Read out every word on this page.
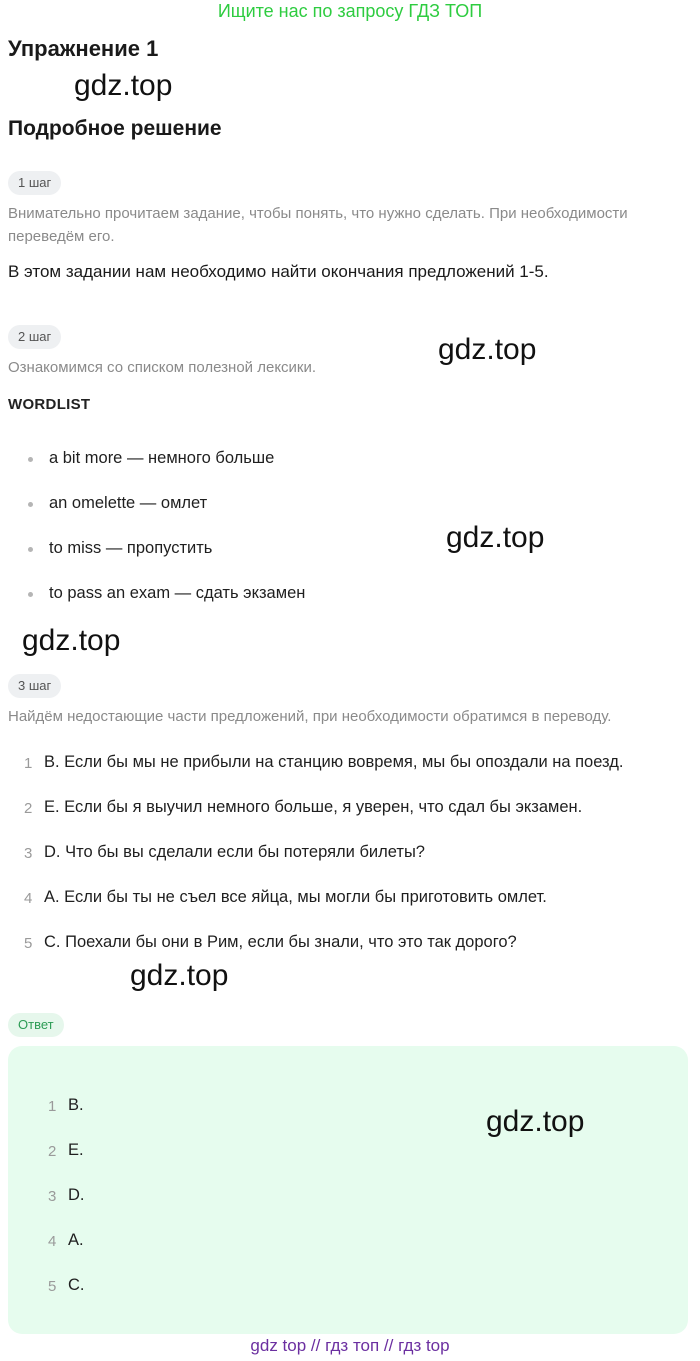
Ищите нас по запросу ГДЗ ТОП
Упражнение 1
gdz.top
Подробное решение
1 шаг
Внимательно прочитаем задание, чтобы понять, что нужно сделать. При необходимости
переведём его.
В этом задании нам необходимо найти окончания предложений 1-5.
2 шаг	gdz.top
Ознакомимся со списком полезной лексики.
WORDLIST
a bit more — немного больше
an omelette — омлет
gdz.top
to miss — пропустить
to pass an exam — сдать экзамен
gdz.top
3 шаг
Найдём недостающие части предложений, при необходимости обратимся в переводу.
1 B. Если бы мы не прибыли на станцию вовремя, мы бы опоздали на поезд.
2 E. Если бы я выучил немного больше, я уверен, что сдал бы экзамен.
3 D. Что бы вы сделали если бы потеряли билеты?
4 A. Если бы ты не съел все яйца, мы могли бы приготовить омлет.
5 C. Поехали бы они в Рим, если бы знали, что это так дорого?
gdz.top
Ответ
gdz.top
1 B.
2 E.
3 D.
4 A.
5 C.
gdz top // гдз топ // гдз top
